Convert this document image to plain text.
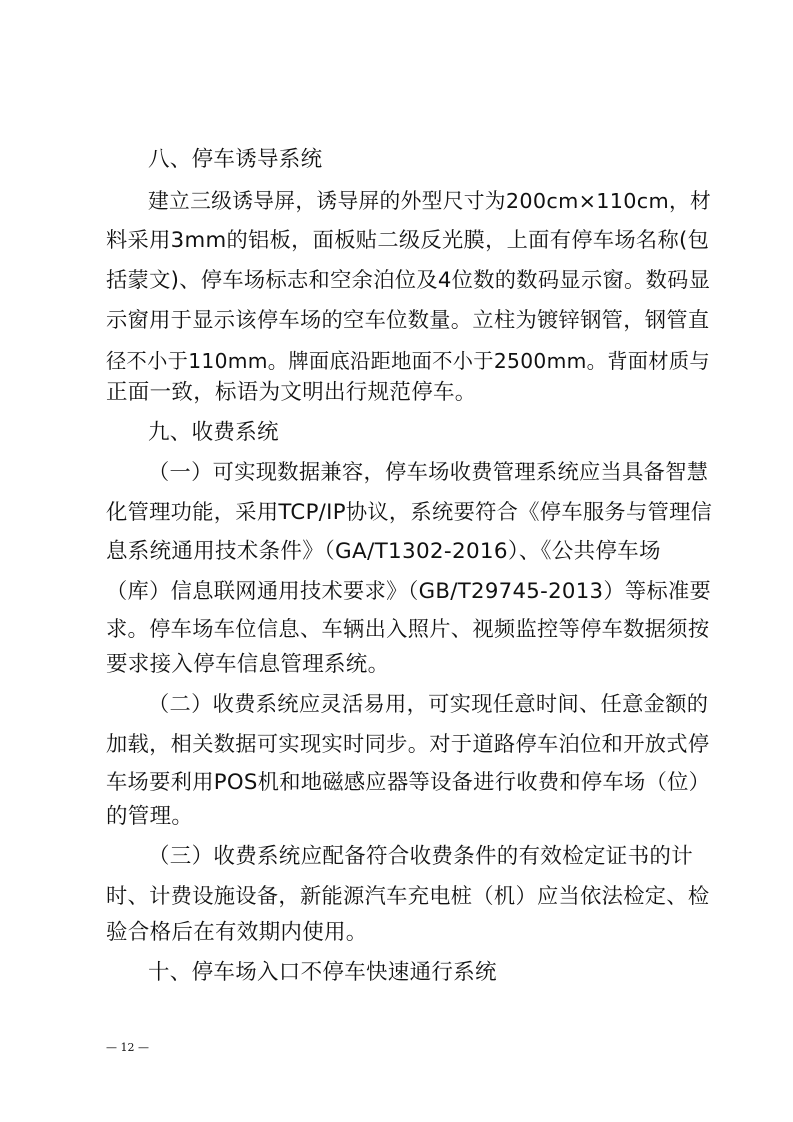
八、停车诱导系统
建立三级诱导屏，诱导屏的外型尺寸为200cm×110cm，材
料采用3mm的铝板，面板贴二级反光膜，上面有停车场名称(包
括蒙文)、停车场标志和空余泊位及4位数的数码显示窗。数码显
示窗用于显示该停车场的空车位数量。立柱为镀锌钢管，钢管直
径不小于110mm。牌面底沿距地面不小于2500mm。背面材质与
正面一致，标语为文明出行规范停车。
九、收费系统
（一）可实现数据兼容，停车场收费管理系统应当具备智慧
化管理功能，采用TCP/IP协议，系统要符合《停车服务与管理信
息系统通用技术条件》（GA/T1302-2016）、《公共停车场
（库）信息联网通用技术要求》（GB/T29745-2013）等标准要
求。停车场车位信息、车辆出入照片、视频监控等停车数据须按
要求接入停车信息管理系统。
（二）收费系统应灵活易用，可实现任意时间、任意金额的
加载，相关数据可实现实时同步。对于道路停车泊位和开放式停
车场要利用POS机和地磁感应器等设备进行收费和停车场（位）
的管理。
（三）收费系统应配备符合收费条件的有效检定证书的计
时、计费设施设备，新能源汽车充电桩（机）应当依法检定、检
验合格后在有效期内使用。
十、停车场入口不停车快速通行系统
— 12 —
